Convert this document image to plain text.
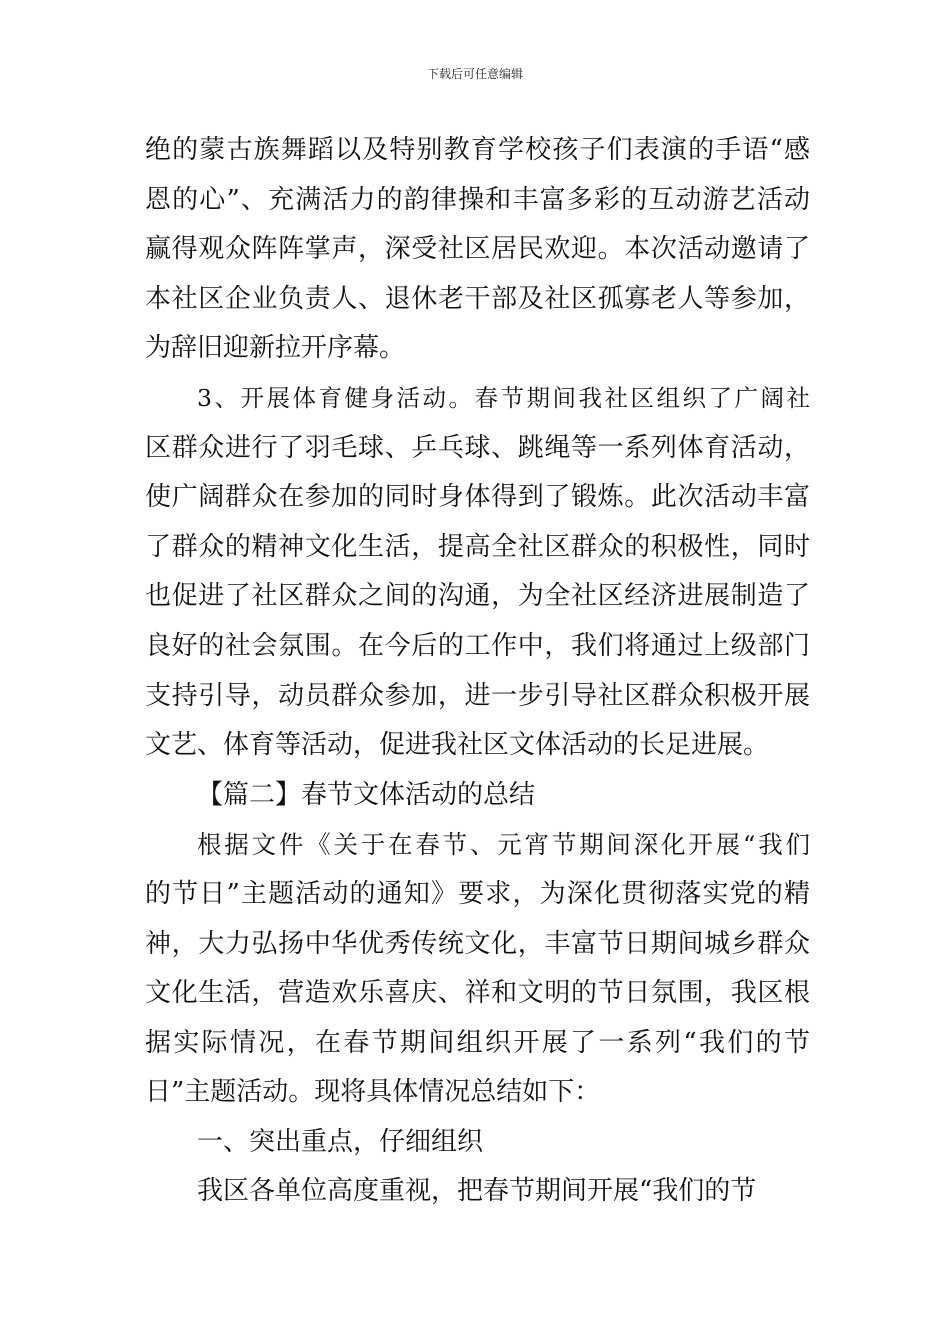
下载后可任意编辑
绝的蒙古族舞蹈以及特别教育学校孩子们表演的手语“感
恩的心”、充满活力的韵律操和丰富多彩的互动游艺活动
赢得观众阵阵掌声，深受社区居民欢迎。本次活动邀请了
本社区企业负责人、退休老干部及社区孤寡老人等参加，
为辞旧迎新拉开序幕。
3、开展体育健身活动。春节期间我社区组织了广阔社
区群众进行了羽毛球、乒乓球、跳绳等一系列体育活动，
使广阔群众在参加的同时身体得到了锻炼。此次活动丰富
了群众的精神文化生活，提高全社区群众的积极性，同时
也促进了社区群众之间的沟通，为全社区经济进展制造了
良好的社会氛围。在今后的工作中，我们将通过上级部门
支持引导，动员群众参加，进一步引导社区群众积极开展
文艺、体育等活动，促进我社区文体活动的长足进展。
【篇二】春节文体活动的总结
根据文件《关于在春节、元宵节期间深化开展“我们
的节日”主题活动的通知》要求，为深化贯彻落实党的精
神，大力弘扬中华优秀传统文化，丰富节日期间城乡群众
文化生活，营造欢乐喜庆、祥和文明的节日氛围，我区根
据实际情况，在春节期间组织开展了一系列“我们的节
日”主题活动。现将具体情况总结如下：
一、突出重点，仔细组织
我区各单位高度重视，把春节期间开展“我们的节
